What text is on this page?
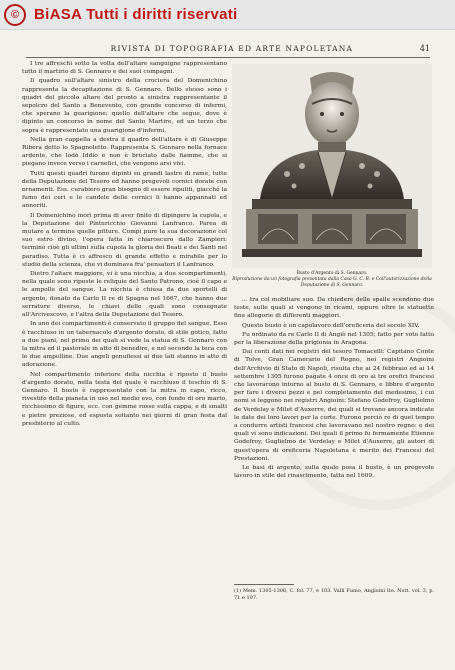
© BiASA Tutti i diritti riservati
RIVISTA DI TOPOGRAFIA ED ARTE NAPOLETANA	41

I tre affreschi sotto la volta dell'altare sanguigne rappresentano tutto il martirio di S. Gennaro e dei suoi compagni.

Il quadro sull'altare sinistro della crociera del Domenichino rappresenta la decapitazione di S. Gennaro. Dello stesso sono i quadri del piccolo altare del pronto a sinistra rappresentante il sepolcro del Santo a Benevento, con grande concorso di infermi, che sperano la guarigione; quello dell'altare che segue, dove è dipinto un concorso in nome del Santo Martire, ed un terzo che sopra è rappresentato una guarigione d'infermi.

Nella gran cappella a destra il quadro dell'altare è di Giuseppe Ribera detto lo Spagnoletto. Rappresenta S. Gennaro nella fornace ardente, che lodò Iddio e non è bruciato dalle fiamme, che si piegano invece verso i carnefici, che vengono arsi vivi.

Tutti questi quadri furono dipinti su grandi lastre di rame, tutte della Deputazione del Tesoro ed hanno pregevoli cornici dorate con ornamenti. Ess. curabiero gran bisogno di essere ripuliti, giacché la fumo dei ceri e le candele delle cornici li hanno appannati ed anneriti.

Il Domenichino morì prima di aver finito di dipingere la cupola, e la Deputazione del Pinturicchio Giovanni Lanfranco. Parea di mutare a termine quelle pitture. Compì pure la sua decorazione col suo estro divino, l'opera fatta in chiaroscuro dallo Zampieri: terminò cioè gli ultimi sulla cupola la gloria dei Beati e dei Santi nel paradiso. Tutta è ci affresco di grande effetto e mirabile per lo studio della scienza, che vi dominava fra' pensatori il Lanfranco.

Dietro l'altare maggiore, vi è una nicchia, a due scompartimenti, nella quale sono riposte le reliquie del Santo Patrono, cioè il capo e le ampolle del sangue. La nicchia è chiusa da due sportelli di argento, donato da Carlo II re di Spagna nel 1667, che hanno due serrature diverse, le chiavi delle quali sono consegnate all'Arcivescovo, e l'altra della Deputazione del Tesoro.

In uno dei compartimenti è conservato il gruppo del sangue. Esso è racchiuso in un tabernacolo d'argento dorato, di stile gotico, fatto a due piani, nel primo dei quali si vede la statua di S. Gennaro con la mitra ed il pastorale in atto di benedire, e nel secondo la teca con le due ampolline. Due angeli genuflessi ai due lati stanno in atto di adorazione.

Nel compartimento inferiore della nicchia è riposto il busto d'argento dorato, nella testa del quale è racchiuso il teschio di S. Gennaro. Il busto è rappresentato con la mitra in capo, ricco, rivestito della pianeta in uso nel medio evo, con fondo di oro marto, ricchissimo di figure, ecc. con gemme rosse sulla cappa, e di smalti e pietre preziose, ed esposta soltanto nei giorni di gran festa dal presbiterio al culto.

Busto d'Argento di S. Gennaro.
Riproduzione da un fotografia presentata dalla Casa G. C. B. e Coll'autorizzazione della Deputazione di S. Gennaro.

... tra col mobiliare suo. Da chiedere delle spalle scendono due teste, sulle quali si vengono in ricami, oppure oltre le statuette fine allegorie di differenti maggiori.

Questo busto è un capolavoro dell'oreficeria del secolo XIV.

Fu ordinato da re Carlo II di Angiò nel 1305; fatto per voto fatto per la liberazione della prigionia in Aragona.

Dai conti dati nei registri del tesoro Tomacelli: Capitano Conte di Tolve, Gran Camerario del Regno, nei registri Angioini dell'Archivio di Stato di Napoli, risulta che ai 24 febbraio ed ai 14 settembre 1305 furono pagate 4 once di oro ai tre orefici francesi che lavorarono intorno al busto di S. Gennaro, e libbre d'argento per fare i diversi pezzi e pel completamento del medesimo, i cui nomi si leggono nei registri Angioini: Stefano Godefroy, Guglielmo de Verdelay e Milet d'Auxerre, dei quali si trovano ancora indicate le date dei loro lavori per la corte. Furono perciò re di quel tempo a condurre artisti francesi che lavoravano nel nostro regno: e dei quali vi sono indicazioni. Dei quali il primo fu fermamente Etienne Godefroy, Guglielmo de Verdelay e Milet d'Auxerre, gli autori di quest'opera di oreficeria Napoletana è merito dei Francesi del Prestazioni.

Le basi di argento, sulla quale posa il busto, è un pregevole lavoro in stile del rinascimento, fatta nel 1609.

(1) Mem. 1305-1306, C. fol. 77, e 103. Valli Fumo, Angioini Ite. Nott. vol. 3, p. 71 e 107.
